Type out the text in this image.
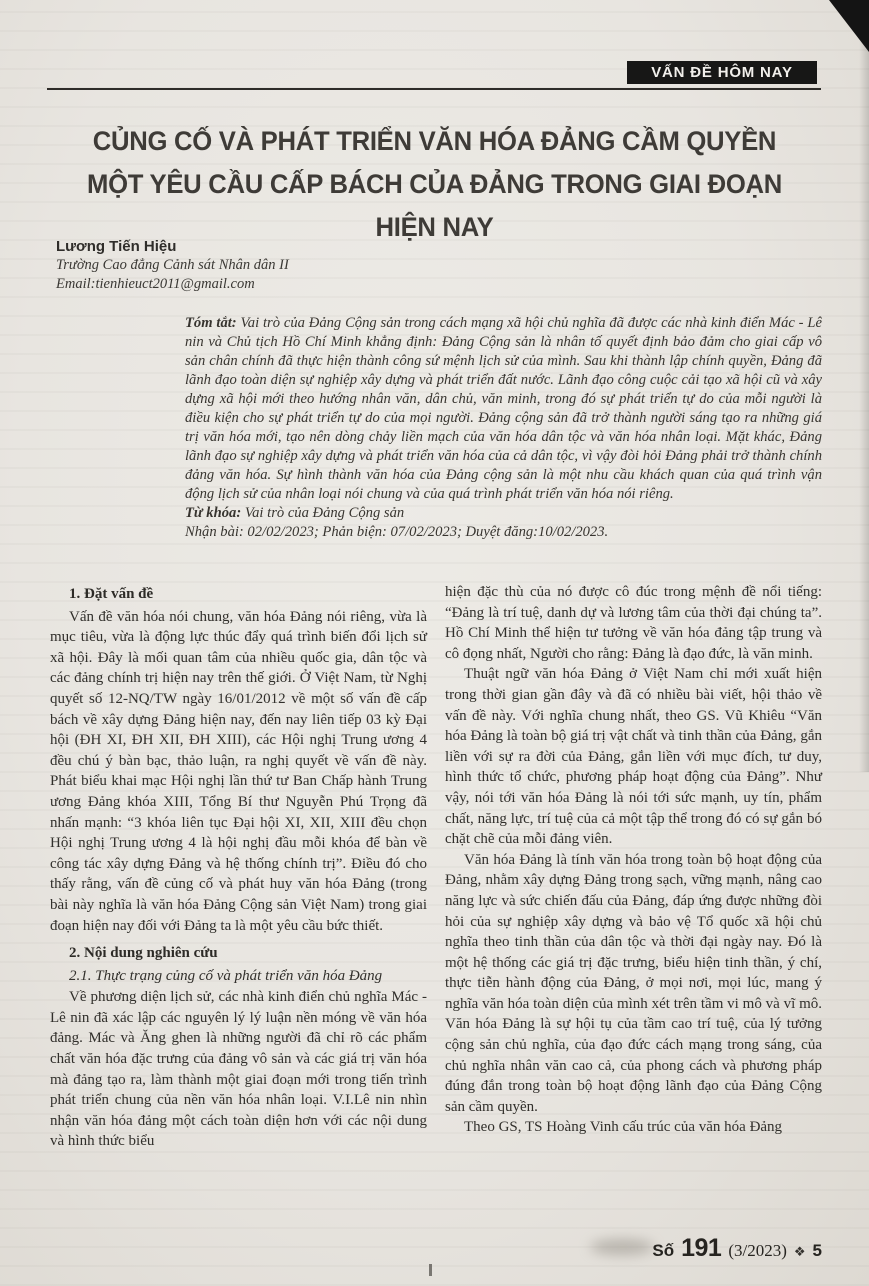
VẤN ĐỀ HÔM NAY
CỦNG CỐ VÀ PHÁT TRIỂN VĂN HÓA ĐẢNG CẦM QUYỀN
MỘT YÊU CẦU CẤP BÁCH CỦA ĐẢNG TRONG GIAI ĐOẠN HIỆN NAY
Lương Tiến Hiệu
Trường Cao đẳng Cảnh sát Nhân dân II
Email:tienhieuct2011@gmail.com

Tóm tắt: Vai trò của Đảng Cộng sản trong cách mạng xã hội chủ nghĩa đã được các nhà kinh điển Mác - Lê nin và Chủ tịch Hồ Chí Minh khẳng định: Đảng Cộng sản là nhân tố quyết định bảo đảm cho giai cấp vô sản chân chính đã thực hiện thành công sứ mệnh lịch sử của mình. Sau khi thành lập chính quyền, Đảng đã lãnh đạo toàn diện sự nghiệp xây dựng và phát triển đất nước. Lãnh đạo công cuộc cải tạo xã hội cũ và xây dựng xã hội mới theo hướng nhân văn, dân chủ, văn minh, trong đó sự phát triển tự do của mỗi người là điều kiện cho sự phát triển tự do của mọi người. Đảng cộng sản đã trở thành người sáng tạo ra những giá trị văn hóa mới, tạo nên dòng chảy liền mạch của văn hóa dân tộc và văn hóa nhân loại. Mặt khác, Đảng lãnh đạo sự nghiệp xây dựng và phát triển văn hóa của cả dân tộc, vì vậy đòi hỏi Đảng phải trở thành chính đảng văn hóa. Sự hình thành văn hóa của Đảng cộng sản là một nhu cầu khách quan của quá trình vận động lịch sử của nhân loại nói chung và của quá trình phát triển văn hóa nói riêng.

Từ khóa: Vai trò của Đảng Cộng sản

Nhận bài: 02/02/2023; Phản biện: 07/02/2023; Duyệt đăng:10/02/2023.

1. Đặt vấn đề

Vấn đề văn hóa nói chung, văn hóa Đảng nói riêng, vừa là mục tiêu, vừa là động lực thúc đẩy quá trình biến đổi lịch sử xã hội. Đây là mối quan tâm của nhiều quốc gia, dân tộc và các đảng chính trị hiện nay trên thế giới. Ở Việt Nam, từ Nghị quyết số 12-NQ/TW ngày 16/01/2012 về một số vấn đề cấp bách về xây dựng Đảng hiện nay, đến nay liên tiếp 03 kỳ Đại hội (ĐH XI, ĐH XII, ĐH XIII), các Hội nghị Trung ương 4 đều chú ý bàn bạc, thảo luận, ra nghị quyết về vấn đề này. Phát biểu khai mạc Hội nghị lần thứ tư Ban Chấp hành Trung ương Đảng khóa XIII, Tổng Bí thư Nguyễn Phú Trọng đã nhấn mạnh: “3 khóa liên tục Đại hội XI, XII, XIII đều chọn Hội nghị Trung ương 4 là hội nghị đầu mỗi khóa để bàn về công tác xây dựng Đảng và hệ thống chính trị”. Điều đó cho thấy rằng, vấn đề củng cố và phát huy văn hóa Đảng (trong bài này nghĩa là văn hóa Đảng Cộng sản Việt Nam) trong giai đoạn hiện nay đối với Đảng ta là một yêu cầu bức thiết.

2. Nội dung nghiên cứu

2.1. Thực trạng củng cố và phát triển văn hóa Đảng

Về phương diện lịch sử, các nhà kinh điển chủ nghĩa Mác - Lê nin đã xác lập các nguyên lý lý luận nền móng về văn hóa đảng. Mác và Ăng ghen là những người đã chỉ rõ các phẩm chất văn hóa đặc trưng của đảng vô sản và các giá trị văn hóa mà đảng tạo ra, làm thành một giai đoạn mới trong tiến trình phát triển chung của nền văn hóa nhân loại. V.I.Lê nin nhìn nhận văn hóa đảng một cách toàn diện hơn với các nội dung và hình thức biểu

hiện đặc thù của nó được cô đúc trong mệnh đề nổi tiếng: “Đảng là trí tuệ, danh dự và lương tâm của thời đại chúng ta”. Hồ Chí Minh thể hiện tư tưởng về văn hóa đảng tập trung và cô đọng nhất, Người cho rằng: Đảng là đạo đức, là văn minh.

Thuật ngữ văn hóa Đảng ở Việt Nam chỉ mới xuất hiện trong thời gian gần đây và đã có nhiều bài viết, hội thảo về vấn đề này. Với nghĩa chung nhất, theo GS. Vũ Khiêu “Văn hóa Đảng là toàn bộ giá trị vật chất và tinh thần của Đảng, gắn liền với sự ra đời của Đảng, gắn liền với mục đích, tư duy, hình thức tổ chức, phương pháp hoạt động của Đảng”. Như vậy, nói tới văn hóa Đảng là nói tới sức mạnh, uy tín, phẩm chất, năng lực, trí tuệ của cả một tập thể trong đó có sự gắn bó chặt chẽ của mỗi đảng viên.

Văn hóa Đảng là tính văn hóa trong toàn bộ hoạt động của Đảng, nhằm xây dựng Đảng trong sạch, vững mạnh, nâng cao năng lực và sức chiến đấu của Đảng, đáp ứng được những đòi hỏi của sự nghiệp xây dựng và bảo vệ Tổ quốc xã hội chủ nghĩa theo tinh thần của dân tộc và thời đại ngày nay. Đó là một hệ thống các giá trị đặc trưng, biểu hiện tinh thần, ý chí, thực tiễn hành động của Đảng, ở mọi nơi, mọi lúc, mang ý nghĩa văn hóa toàn diện của mình xét trên tầm vi mô và vĩ mô. Văn hóa Đảng là sự hội tụ của tầm cao trí tuệ, của lý tưởng cộng sản chủ nghĩa, của đạo đức cách mạng trong sáng, của chủ nghĩa nhân văn cao cả, của phong cách và phương pháp đúng đắn trong toàn bộ hoạt động lãnh đạo của Đảng Cộng sản cầm quyền.

Theo GS, TS Hoàng Vinh cấu trúc của văn hóa Đảng

Số 191 (3/2023) ❖ 5
